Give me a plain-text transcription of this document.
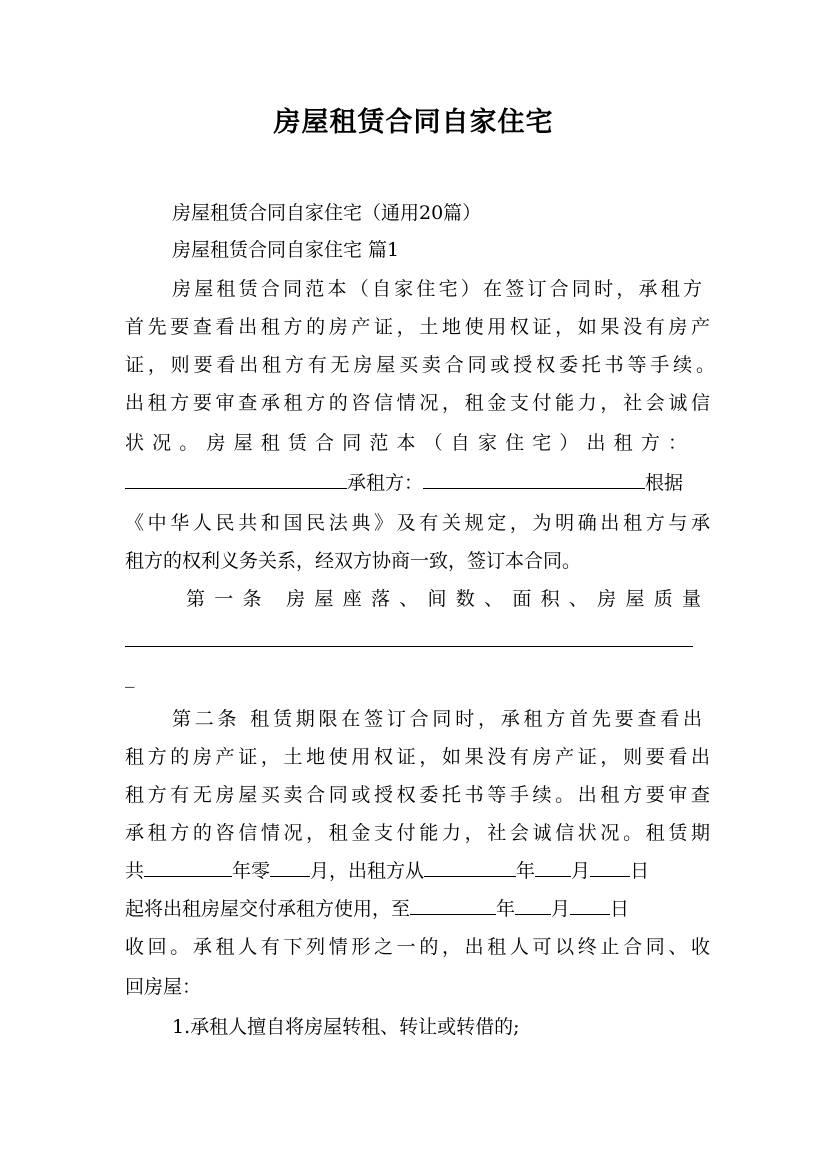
房屋租赁合同自家住宅
房屋租赁合同自家住宅（通用20篇）
房屋租赁合同自家住宅 篇1
房屋租赁合同范本（自家住宅）在签订合同时，承租方
首先要查看出租方的房产证，土地使用权证，如果没有房产
证，则要看出租方有无房屋买卖合同或授权委托书等手续。
出租方要审查承租方的咨信情况，租金支付能力，社会诚信
状况。房屋租赁合同范本（自家住宅）出租方：
承租方：	根据
《中华人民共和国民法典》及有关规定，为明确出租方与承
租方的权利义务关系，经双方协商一致，签订本合同。
第一条 房屋座落、间数、面积、房屋质量
_
第二条 租赁期限在签订合同时，承租方首先要查看出
租方的房产证，土地使用权证，如果没有房产证，则要看出
租方有无房屋买卖合同或授权委托书等手续。出租方要审查
承租方的咨信情况，租金支付能力，社会诚信状况。租赁期
共	年零 月，出租方从	年 月 日
起将出租房屋交付承租方使用，至	年 月 日
收回。承租人有下列情形之一的，出租人可以终止合同、收
回房屋：
1.承租人擅自将房屋转租、转让或转借的;
